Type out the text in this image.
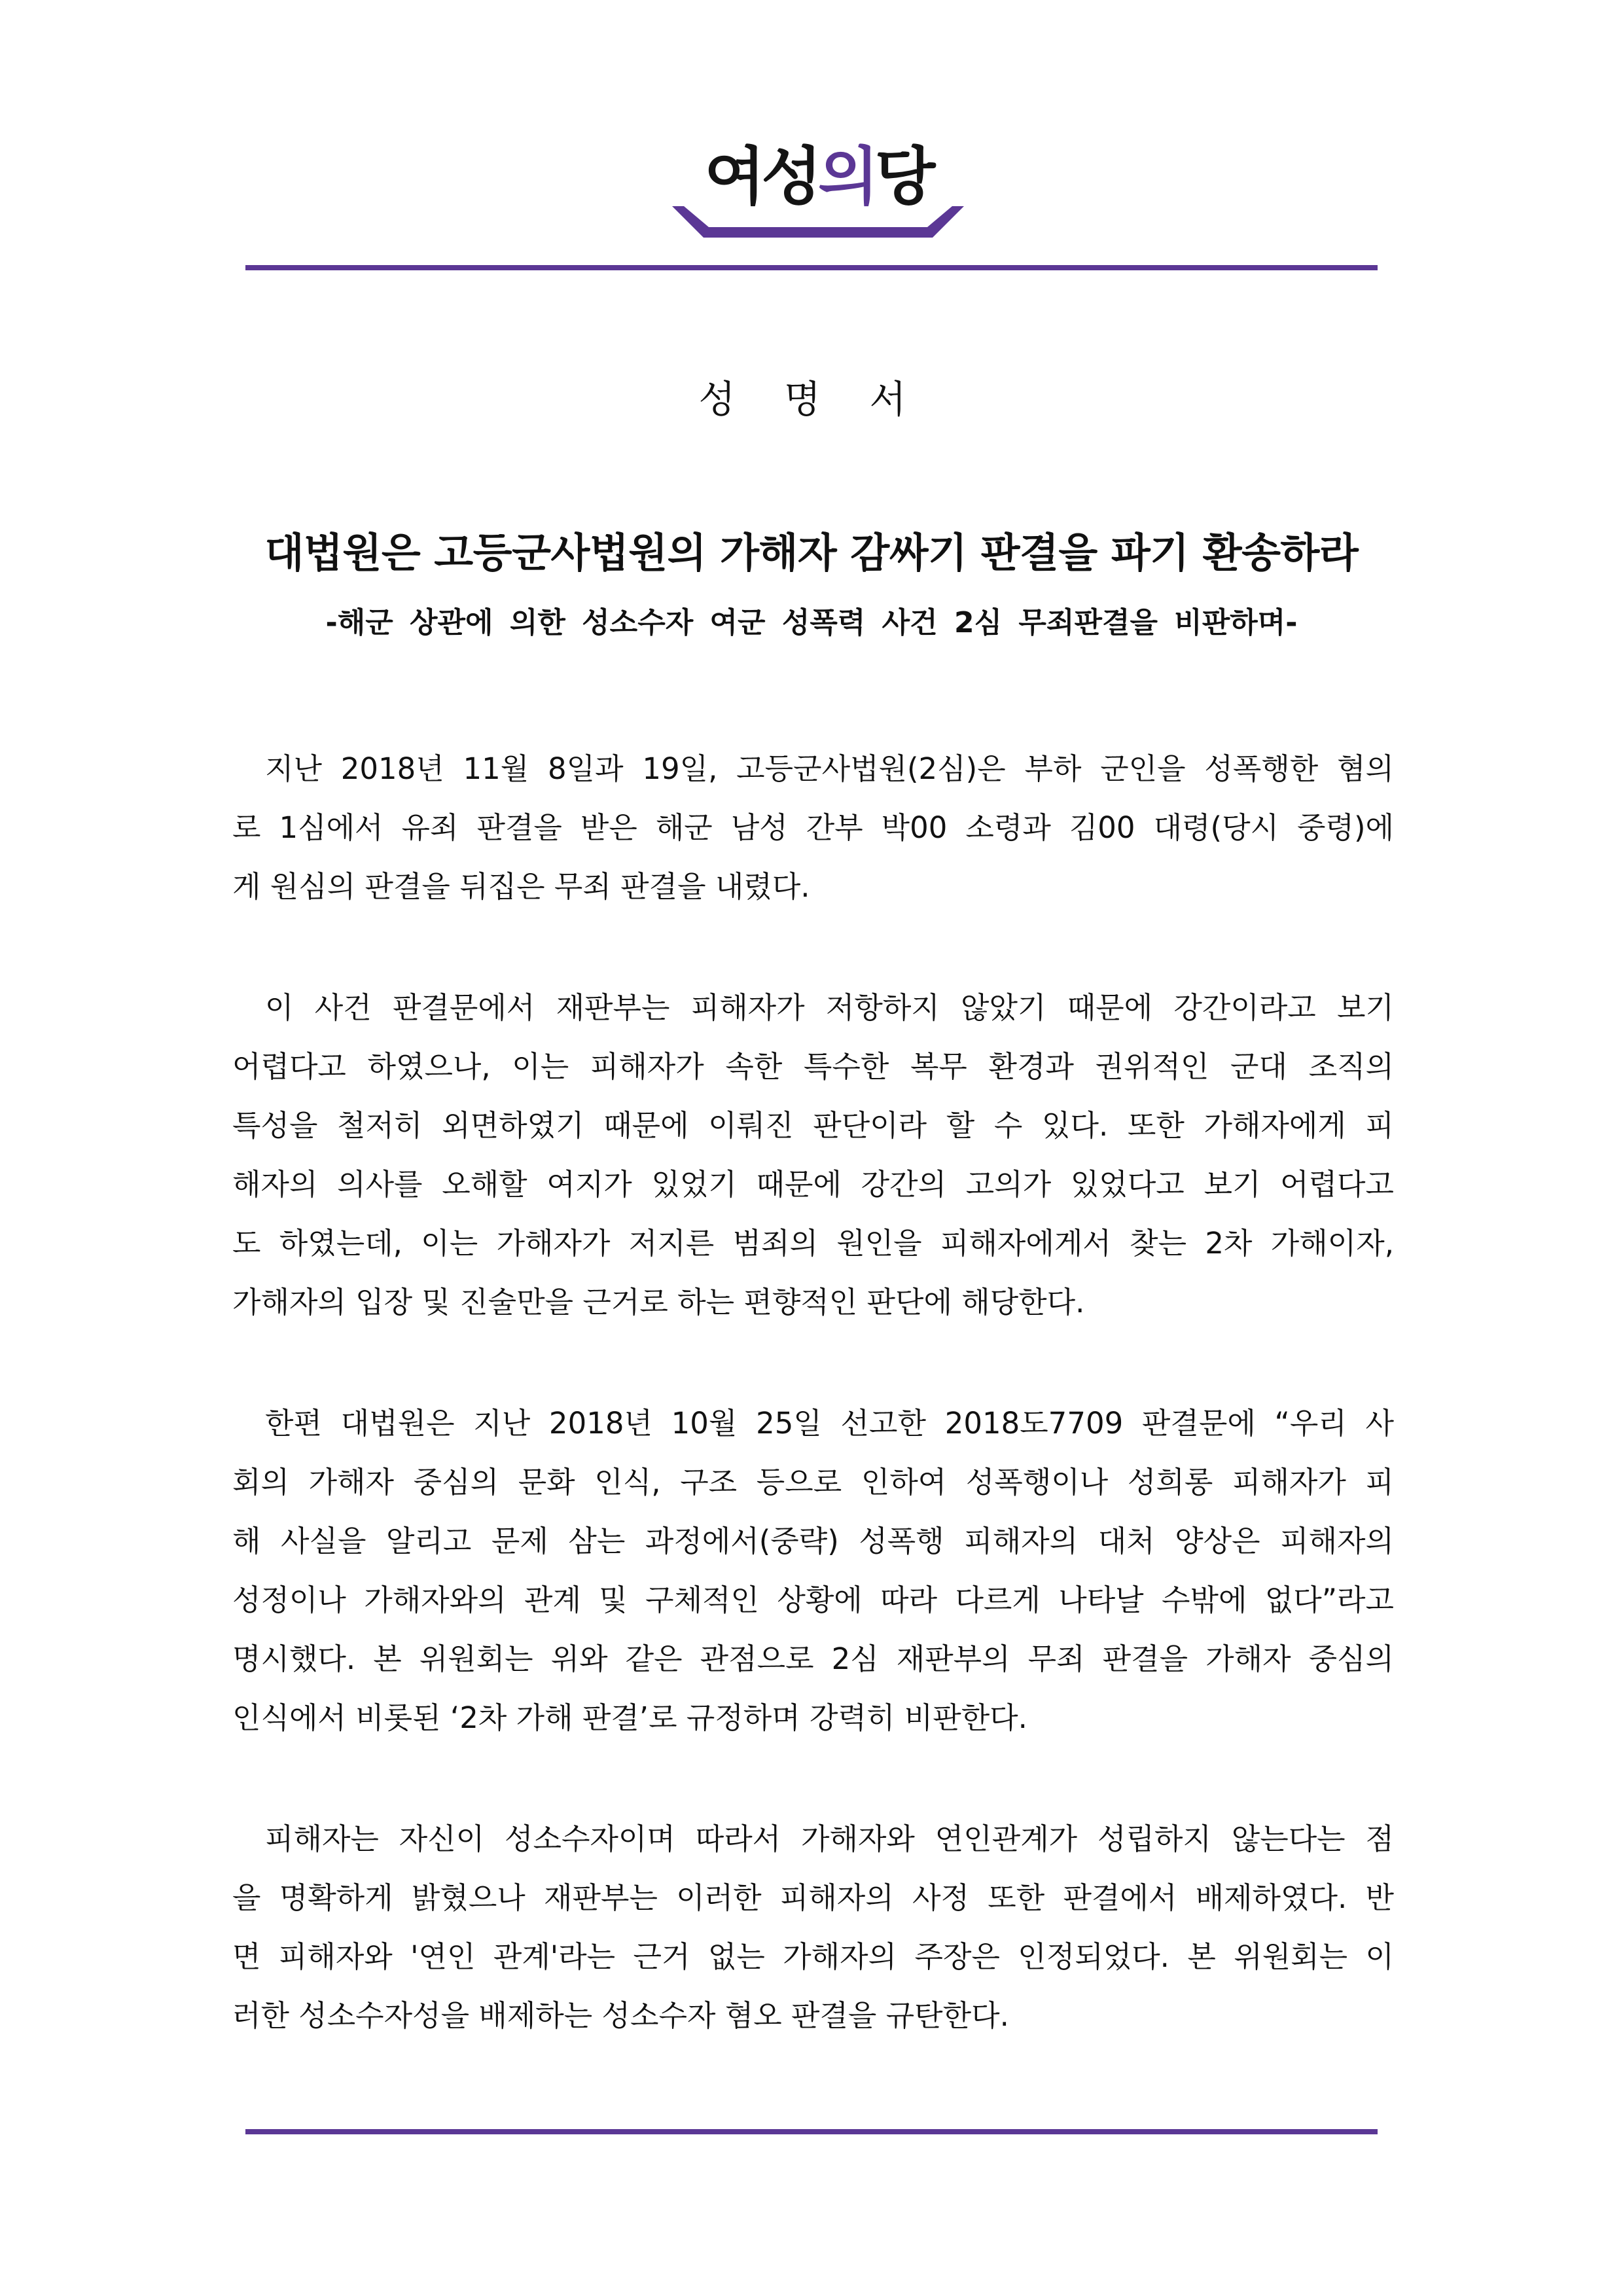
여성의당
성 명 서
대법원은 고등군사법원의 가해자 감싸기 판결을 파기 환송하라
-해군 상관에 의한 성소수자 여군 성폭력 사건 2심 무죄판결을 비판하며-
지난 2018년 11월 8일과 19일, 고등군사법원(2심)은 부하 군인을 성폭행한 혐의
로 1심에서 유죄 판결을 받은 해군 남성 간부 박00 소령과 김00 대령(당시 중령)에
게 원심의 판결을 뒤집은 무죄 판결을 내렸다.
이 사건 판결문에서 재판부는 피해자가 저항하지 않았기 때문에 강간이라고 보기
어렵다고 하였으나, 이는 피해자가 속한 특수한 복무 환경과 권위적인 군대 조직의
특성을 철저히 외면하였기 때문에 이뤄진 판단이라 할 수 있다. 또한 가해자에게 피
해자의 의사를 오해할 여지가 있었기 때문에 강간의 고의가 있었다고 보기 어렵다고
도 하였는데, 이는 가해자가 저지른 범죄의 원인을 피해자에게서 찾는 2차 가해이자,
가해자의 입장 및 진술만을 근거로 하는 편향적인 판단에 해당한다.
한편 대법원은 지난 2018년 10월 25일 선고한 2018도7709 판결문에 “우리 사
회의 가해자 중심의 문화 인식, 구조 등으로 인하여 성폭행이나 성희롱 피해자가 피
해 사실을 알리고 문제 삼는 과정에서(중략) 성폭행 피해자의 대처 양상은 피해자의
성정이나 가해자와의 관계 및 구체적인 상황에 따라 다르게 나타날 수밖에 없다”라고
명시했다. 본 위원회는 위와 같은 관점으로 2심 재판부의 무죄 판결을 가해자 중심의
인식에서 비롯된 ‘2차 가해 판결’로 규정하며 강력히 비판한다.
피해자는 자신이 성소수자이며 따라서 가해자와 연인관계가 성립하지 않는다는 점
을 명확하게 밝혔으나 재판부는 이러한 피해자의 사정 또한 판결에서 배제하였다. 반
면 피해자와 '연인 관계'라는 근거 없는 가해자의 주장은 인정되었다. 본 위원회는 이
러한 성소수자성을 배제하는 성소수자 혐오 판결을 규탄한다.
